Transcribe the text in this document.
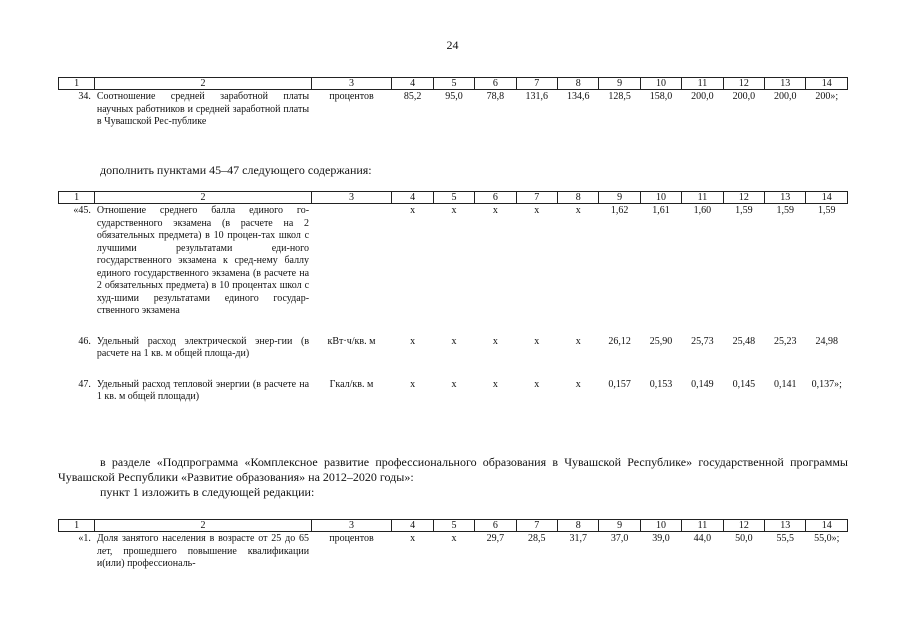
24
1	2	3	4	5	6	7	8	9	10	11	12	13	14
34.	Соотношение средней заработной платы научных работников и средней заработной платы в Чувашской Рес-публике	процентов	85,2	95,0	78,8	131,6	134,6	128,5	158,0	200,0	200,0	200,0	200»;
дополнить пунктами 45–47 следующего содержания:
1	2	3	4	5	6	7	8	9	10	11	12	13	14
«45.	Отношение среднего балла единого го-сударственного экзамена (в расчете на 2 обязательных предмета) в 10 процен-тах школ с лучшими результатами еди-ного государственного экзамена к сред-нему баллу единого государственного экзамена (в расчете на 2 обязательных предмета) в 10 процентах школ с худ-шими результатами единого государ-ственного экзамена		х	х	х	х	х	1,62	1,61	1,60	1,59	1,59	1,59
46.	Удельный расход электрической энер-гии (в расчете на 1 кв. м общей площа-ди)	кВт·ч/кв. м	х	х	х	х	х	26,12	25,90	25,73	25,48	25,23	24,98
47.	Удельный расход тепловой энергии (в расчете на 1 кв. м общей площади)	Гкал/кв. м	х	х	х	х	х	0,157	0,153	0,149	0,145	0,141	0,137»;
в разделе «Подпрограмма «Комплексное развитие профессионального образования в Чувашской Республике» государственной программы Чувашской Республики «Развитие образования» на 2012–2020 годы»:
пункт 1 изложить в следующей редакции:
1	2	3	4	5	6	7	8	9	10	11	12	13	14
«1.	Доля занятого населения в возрасте от 25 до 65 лет, прошедшего повышение квалификации и(или) профессиональ-	процентов	х	х	29,7	28,5	31,7	37,0	39,0	44,0	50,0	55,5	55,0»;
